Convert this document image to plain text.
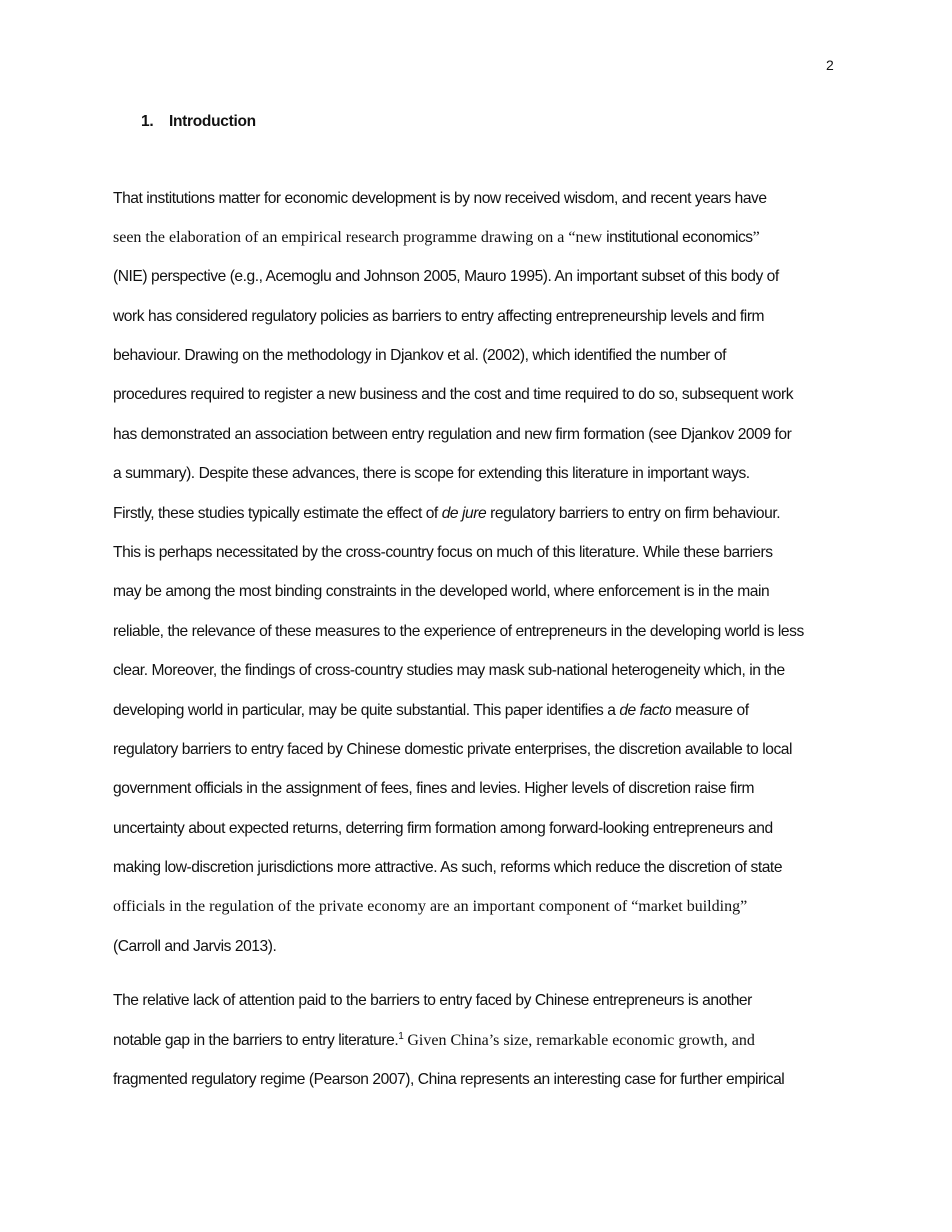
2
1. Introduction
That institutions matter for economic development is by now received wisdom, and recent years have
seen the elaboration of an empirical research programme drawing on a “new institutional economics”
(NIE) perspective (e.g., Acemoglu and Johnson 2005, Mauro 1995). An important subset of this body of
work has considered regulatory policies as barriers to entry affecting entrepreneurship levels and firm
behaviour. Drawing on the methodology in Djankov et al. (2002), which identified the number of
procedures required to register a new business and the cost and time required to do so, subsequent work
has demonstrated an association between entry regulation and new firm formation (see Djankov 2009 for
a summary). Despite these advances, there is scope for extending this literature in important ways.
Firstly, these studies typically estimate the effect of de jure regulatory barriers to entry on firm behaviour.
This is perhaps necessitated by the cross-country focus on much of this literature. While these barriers
may be among the most binding constraints in the developed world, where enforcement is in the main
reliable, the relevance of these measures to the experience of entrepreneurs in the developing world is less
clear. Moreover, the findings of cross-country studies may mask sub-national heterogeneity which, in the
developing world in particular, may be quite substantial. This paper identifies a de facto measure of
regulatory barriers to entry faced by Chinese domestic private enterprises, the discretion available to local
government officials in the assignment of fees, fines and levies. Higher levels of discretion raise firm
uncertainty about expected returns, deterring firm formation among forward-looking entrepreneurs and
making low-discretion jurisdictions more attractive. As such, reforms which reduce the discretion of state
officials in the regulation of the private economy are an important component of “market building”
(Carroll and Jarvis 2013).
The relative lack of attention paid to the barriers to entry faced by Chinese entrepreneurs is another
notable gap in the barriers to entry literature.$^1$ Given China’s size, remarkable economic growth, and
fragmented regulatory regime (Pearson 2007), China represents an interesting case for further empirical
